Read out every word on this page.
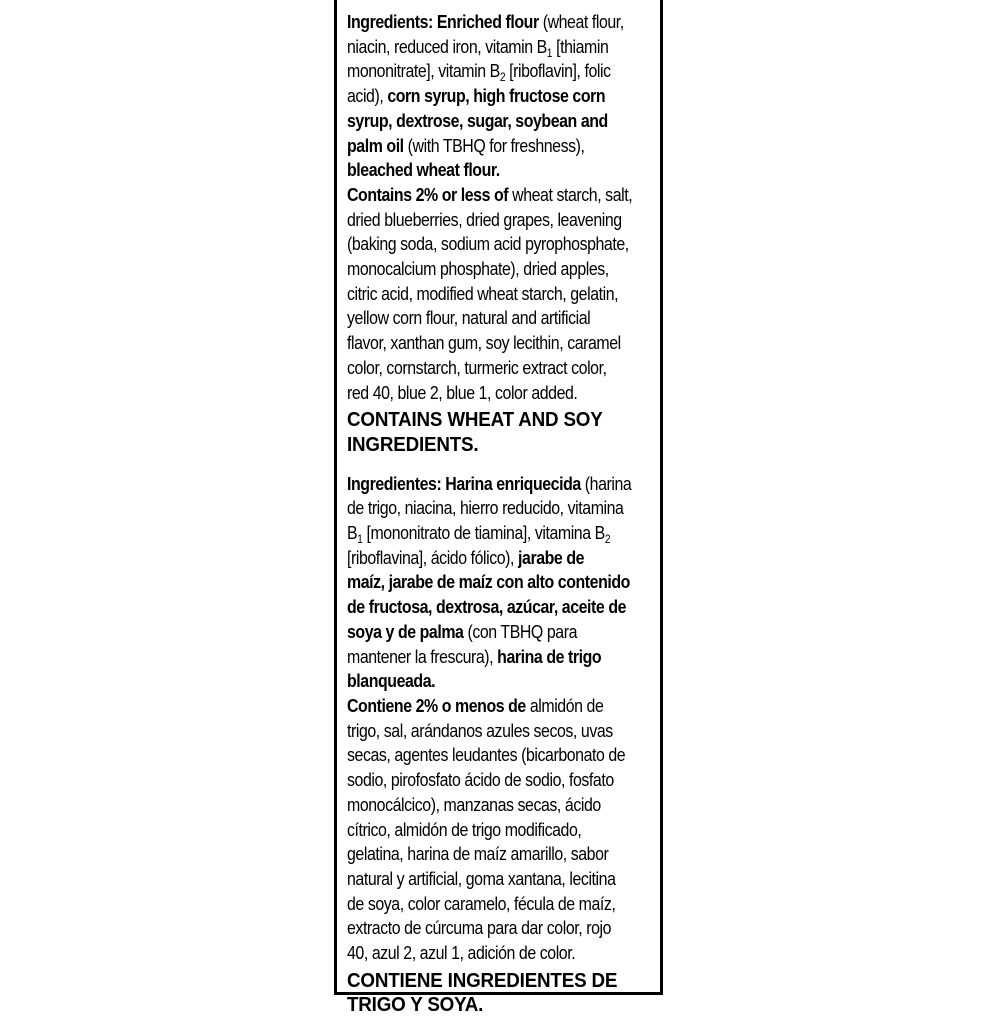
Ingredients: Enriched flour (wheat flour,
niacin, reduced iron, vitamin $B_1$ [thiamin
mononitrate], vitamin $B_2$ [riboflavin], folic
acid), corn syrup, high fructose corn
syrup, dextrose, sugar, soybean and
palm oil (with TBHQ for freshness),
bleached wheat flour.
Contains 2% or less of wheat starch, salt,
dried blueberries, dried grapes, leavening
(baking soda, sodium acid pyrophosphate,
monocalcium phosphate), dried apples,
citric acid, modified wheat starch, gelatin,
yellow corn flour, natural and artificial
flavor, xanthan gum, soy lecithin, caramel
color, cornstarch, turmeric extract color,
red 40, blue 2, blue 1, color added.
CONTAINS WHEAT AND SOY
INGREDIENTS.
Ingredientes: Harina enriquecida (harina
de trigo, niacina, hierro reducido, vitamina
$B_1$ [mononitrato de tiamina], vitamina $B_2$
[riboflavina], ácido fólico), jarabe de
maíz, jarabe de maíz con alto contenido
de fructosa, dextrosa, azúcar, aceite de
soya y de palma (con TBHQ para
mantener la frescura), harina de trigo
blanqueada.
Contiene 2% o menos de almidón de
trigo, sal, arándanos azules secos, uvas
secas, agentes leudantes (bicarbonato de
sodio, pirofosfato ácido de sodio, fosfato
monocálcico), manzanas secas, ácido
cítrico, almidón de trigo modificado,
gelatina, harina de maíz amarillo, sabor
natural y artificial, goma xantana, lecitina
de soya, color caramelo, fécula de maíz,
extracto de cúrcuma para dar color, rojo
40, azul 2, azul 1, adición de color.
CONTIENE INGREDIENTES DE
TRIGO Y SOYA.
